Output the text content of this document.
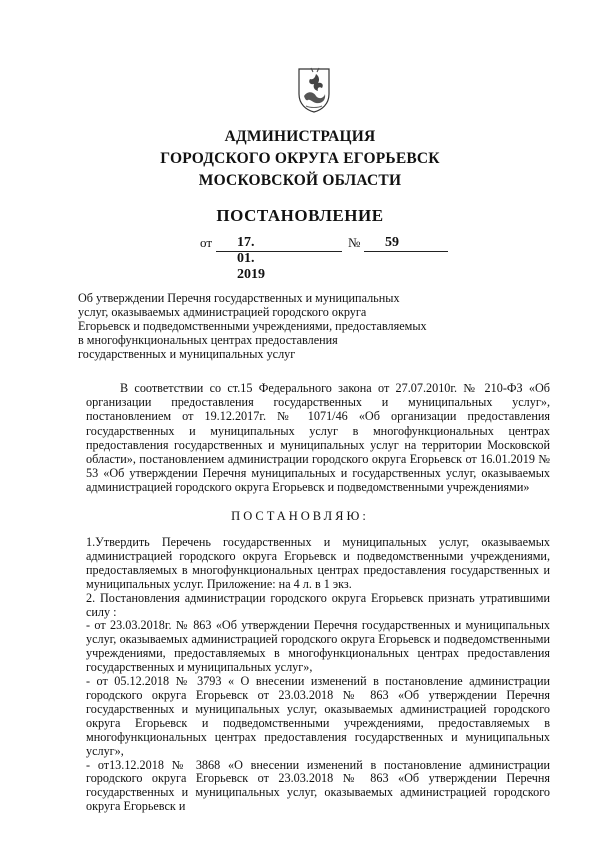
АДМИНИСТРАЦИЯ
ГОРОДСКОГО ОКРУГА ЕГОРЬЕВСК
МОСКОВСКОЙ ОБЛАСТИ
ПОСТАНОВЛЕНИЕ
от 17. 01. 2019
№ 59
Об утверждении Перечня государственных и муниципальных
услуг, оказываемых администрацией городского округа
Егорьевск и подведомственными учреждениями, предоставляемых
в многофункциональных центрах предоставления
государственных и муниципальных услуг
В соответствии со ст.15 Федерального закона от 27.07.2010г. № 210-ФЗ «Об организации предоставления государственных и муниципальных услуг», постановлением от 19.12.2017г. № 1071/46 «Об организации предоставления государственных и муниципальных услуг в многофункциональных центрах предоставления государственных и муниципальных услуг на территории Московской области», постановлением администрации городского округа Егорьевск от 16.01.2019 № 53 «Об утверждении Перечня муниципальных и государственных услуг, оказываемых администрацией городского округа Егорьевск и подведомственными учреждениями»
ПОСТАНОВЛЯЮ:

1.Утвердить Перечень государственных и муниципальных услуг, оказываемых администрацией городского округа Егорьевск и подведомственными учреждениями, предоставляемых в многофункциональных центрах предоставления государственных и муниципальных услуг. Приложение: на 4 л. в 1 экз.

2. Постановления администрации городского округа Егорьевск признать утратившими силу :

- от 23.03.2018г. № 863 «Об утверждении Перечня государственных и муниципальных услуг, оказываемых администрацией городского округа Егорьевск и подведомственными учреждениями, предоставляемых в многофункциональных центрах предоставления государственных и муниципальных услуг»,

- от 05.12.2018 № 3793 « О внесении изменений в постановление администрации городского округа Егорьевск от 23.03.2018 № 863 «Об утверждении Перечня государственных и муниципальных услуг, оказываемых администрацией городского округа Егорьевск и подведомственными учреждениями, предоставляемых в многофункциональных центрах предоставления государственных и муниципальных услуг»,

- от13.12.2018 № 3868 «О внесении изменений в постановление администрации городского округа Егорьевск от 23.03.2018 № 863 «Об утверждении Перечня государственных и муниципальных услуг, оказываемых администрацией городского округа Егорьевск и
